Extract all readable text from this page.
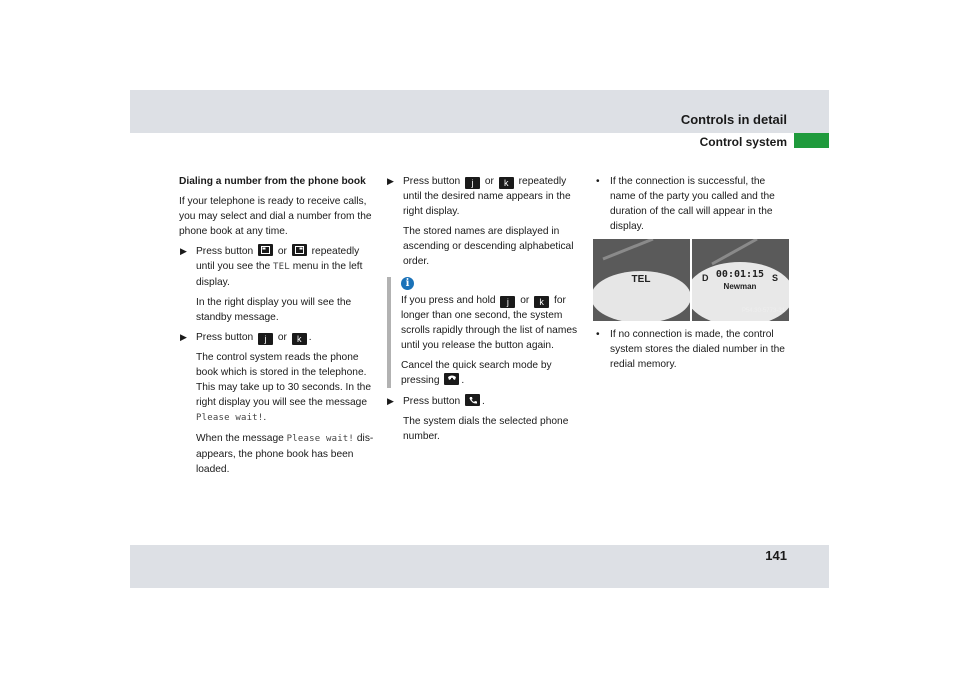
Controls in detail
Control system
141

Dialing a number from the phone book

If your telephone is ready to receive calls, you may select and dial a number from the phone book at any time.

▶ Press button or repeatedly until you see the TEL menu in the left display.

In the right display you will see the standby message.

▶ Press button j or k .

The control system reads the phone book which is stored in the telephone. This may take up to 30 seconds. In the right display you will see the message Please wait!.

When the message Please wait! dis-appears, the phone book has been loaded.

▶ Press button j or k repeatedly until the desired name appears in the right display.

The stored names are displayed in ascending or descending alphabetical order.

i

If you press and hold j or k for longer than one second, the system scrolls rapidly through the list of names until you release the button again.

Cancel the quick search mode by pressing .

▶ Press button .

The system dials the selected phone number.

• If the connection is successful, the name of the party you called and the duration of the call will appear in the display.

TEL	D	S
00:01:15
Newman
P54.30-5773-31

• If no connection is made, the control system stores the dialed number in the redial memory.
